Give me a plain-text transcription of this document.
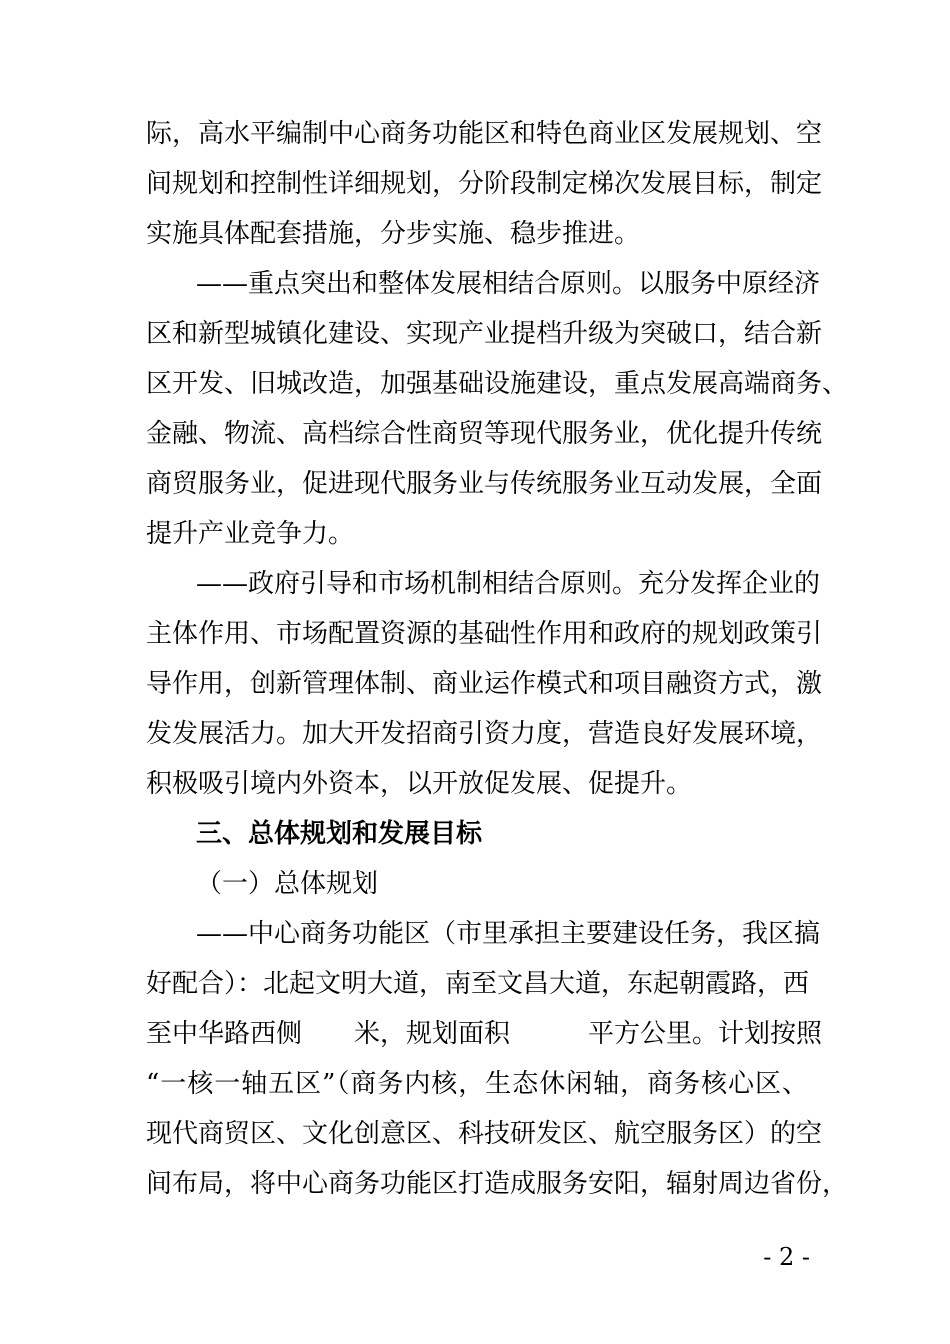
际，高水平编制中心商务功能区和特色商业区发展规划、空
间规划和控制性详细规划，分阶段制定梯次发展目标，制定
实施具体配套措施，分步实施、稳步推进。
——重点突出和整体发展相结合原则。以服务中原经济
区和新型城镇化建设、实现产业提档升级为突破口，结合新
区开发、旧城改造，加强基础设施建设，重点发展高端商务、
金融、物流、高档综合性商贸等现代服务业，优化提升传统
商贸服务业，促进现代服务业与传统服务业互动发展，全面
提升产业竞争力。
——政府引导和市场机制相结合原则。充分发挥企业的
主体作用、市场配置资源的基础性作用和政府的规划政策引
导作用，创新管理体制、商业运作模式和项目融资方式，激
发发展活力。加大开发招商引资力度，营造良好发展环境，
积极吸引境内外资本，以开放促发展、促提升。
三、总体规划和发展目标
（一）总体规划
——中心商务功能区（市里承担主要建设任务，我区搞
好配合）：北起文明大道，南至文昌大道，东起朝霞路，西
至中华路西侧　　米，规划面积　　　平方公里。计划按照
“一核一轴五区”（商务内核，生态休闲轴，商务核心区、
现代商贸区、文化创意区、科技研发区、航空服务区）的空
间布局，将中心商务功能区打造成服务安阳，辐射周边省份，
- 2 -
